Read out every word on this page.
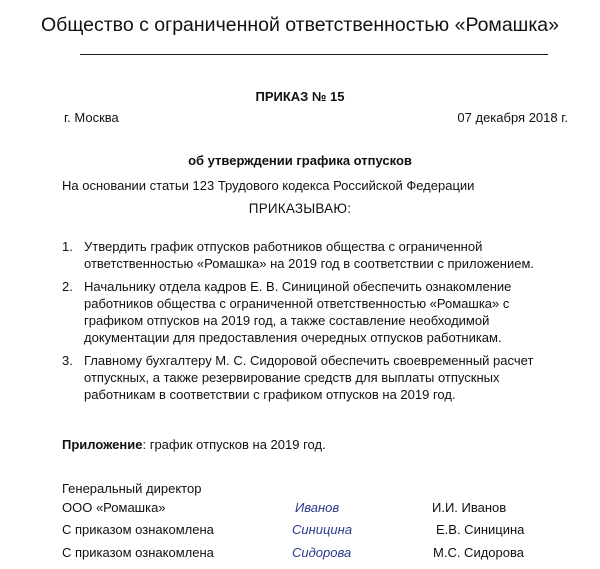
Общество с ограниченной ответственностью «Ромашка»
ПРИКАЗ № 15
г. Москва	07 декабря 2018 г.
об утверждении графика отпусков
На основании статьи 123 Трудового кодекса Российской Федерации
ПРИКАЗЫВАЮ:
1. Утвердить график отпусков работников общества с ограниченной
ответственностью «Ромашка» на 2019 год в соответствии с приложением.
2. Начальнику отдела кадров Е. В. Синициной обеспечить ознакомление
работников общества с ограниченной ответственностью «Ромашка» с
графиком отпусков на 2019 год, а также составление необходимой
документации для предоставления очередных отпусков работникам.
3. Главному бухгалтеру М. С. Сидоровой обеспечить своевременный расчет
отпускных, а также резервирование средств для выплаты отпускных
работникам в соответствии с графиком отпусков на 2019 год.
Приложение: график отпусков на 2019 год.
Генеральный директор
ООО «Ромашка»	Иванов	И.И. Иванов
С приказом ознакомлена	Синицина	Е.В. Синицина
С приказом ознакомлена	Сидорова	М.С. Сидорова
